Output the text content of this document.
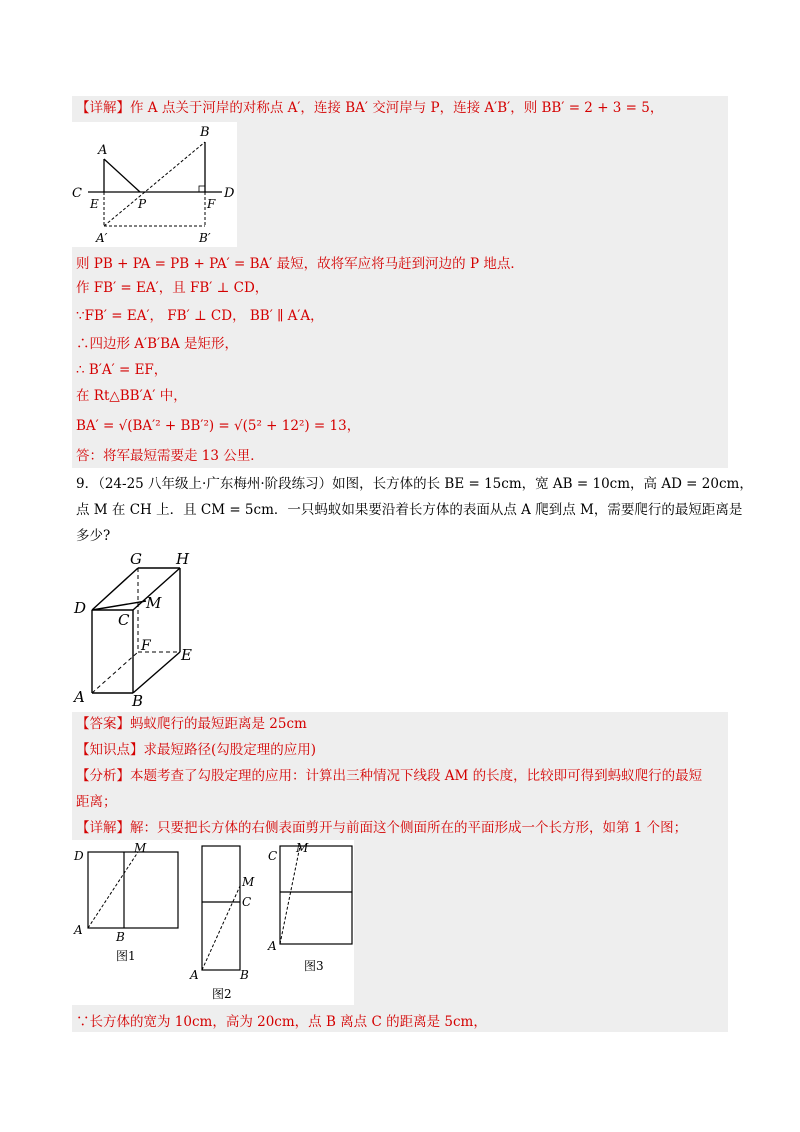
【详解】作 A 点关于河岸的对称点 A′，连接 BA′ 交河岸与 P，连接 A′B′，则 BB′ = 2 + 3 = 5，
A
B
C	D
E	P	F
A′	B′
则 PB + PA = PB + PA′ = BA′ 最短，故将军应将马赶到河边的 P 地点．
作 FB′ = EA′，且 FB′ ⊥ CD，
∵FB′ = EA′， FB′ ⊥ CD， BB′ ∥ A′A，
∴四边形 A′B′BA 是矩形，
∴ B′A′ = EF，
在 Rt△BB′A′ 中，
BA′ = √(BA′² + BB′²) = √(5² + 12²) = 13，
答：将军最短需要走 13 公里．
9．（24-25 八年级上·广东梅州·阶段练习）如图，长方体的长 BE = 15cm，宽 AB = 10cm，高 AD = 20cm，
点 M 在 CH 上．且 CM = 5cm．一只蚂蚁如果要沿着长方体的表面从点 A 爬到点 M，需要爬行的最短距离是
多少?
G H
D	M
C
F E
A	B
【答案】蚂蚁爬行的最短距离是 25cm
【知识点】求最短路径(勾股定理的应用)
【分析】本题考查了勾股定理的应用：计算出三种情况下线段 AM 的长度，比较即可得到蚂蚁爬行的最短
距离；
【详解】解：只要把长方体的右侧表面剪开与前面这个侧面所在的平面形成一个长方形，如第 1 个图；
D
M
A	B
图1
M
C
A	B
图2
C
M
A
图3
∵长方体的宽为 10cm，高为 20cm，点 B 离点 C 的距离是 5cm，
